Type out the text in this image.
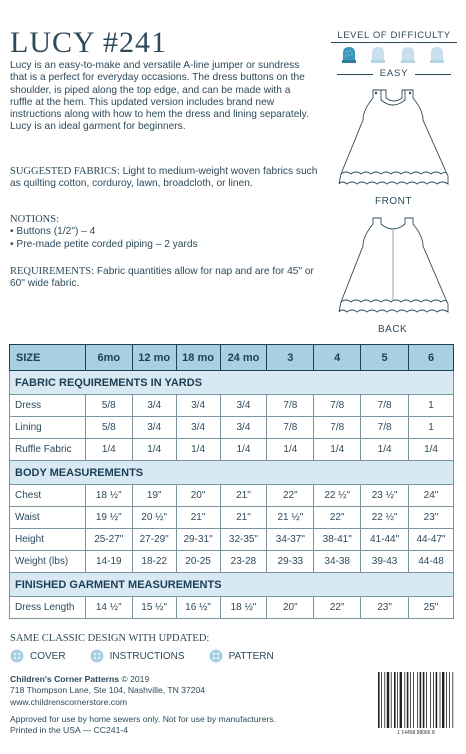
LUCY #241
Lucy is an easy-to-make and versatile A-line jumper or sundress that is a perfect for everyday occasions. The dress buttons on the shoulder, is piped along the top edge, and can be made with a ruffle at the hem. This updated version includes brand new instructions along with how to hem the dress and lining separately. Lucy is an ideal garment for beginners.
SUGGESTED FABRICS: Light to medium-weight woven fabrics such as quilting cotton, corduroy, lawn, broadcloth, or linen.
NOTIONS:
• Buttons (1/2") – 4
• Pre-made petite corded piping – 2 yards
REQUIREMENTS: Fabric quantities allow for nap and are for 45" or 60" wide fabric.
LEVEL OF DIFFICULTY
EASY
FRONT
BACK
SIZE	6mo	12 mo	18 mo	24 mo	3	4	5	6
FABRIC REQUIREMENTS IN YARDS								
Dress	5/8	3/4	3/4	3/4	7/8	7/8	7/8	1
Lining	5/8	3/4	3/4	3/4	7/8	7/8	7/8	1
Ruffle Fabric	1/4	1/4	1/4	1/4	1/4	1/4	1/4	1/4
BODY MEASUREMENTS								
Chest	18 ½"	19"	20"	21"	22"	22 ½"	23 ½"	24"
Waist	19 ½"	20 ½"	21"	21"	21 ½"	22"	22 ½"	23"
Height	25-27"	27-29"	29-31"	32-35"	34-37"	38-41"	41-44"	44-47"
Weight (lbs)	14-19	18-22	20-25	23-28	29-33	34-38	39-43	44-48
FINISHED GARMENT MEASUREMENTS								
Dress Length	14 ½"	15 ½"	16 ½"	18 ½"	20"	22"	23"	25"
SAME CLASSIC DESIGN WITH UPDATED:
COVER	INSTRUCTIONS	PATTERN
Children's Corner Patterns © 2019
718 Thompson Lane, Ste 104, Nashville, TN 37204
www.childrenscornerstore.com
Approved for use by home sewers only. Not for use by manufacturers.
Printed in the USA — CC241-4	1 14458 98066 8
